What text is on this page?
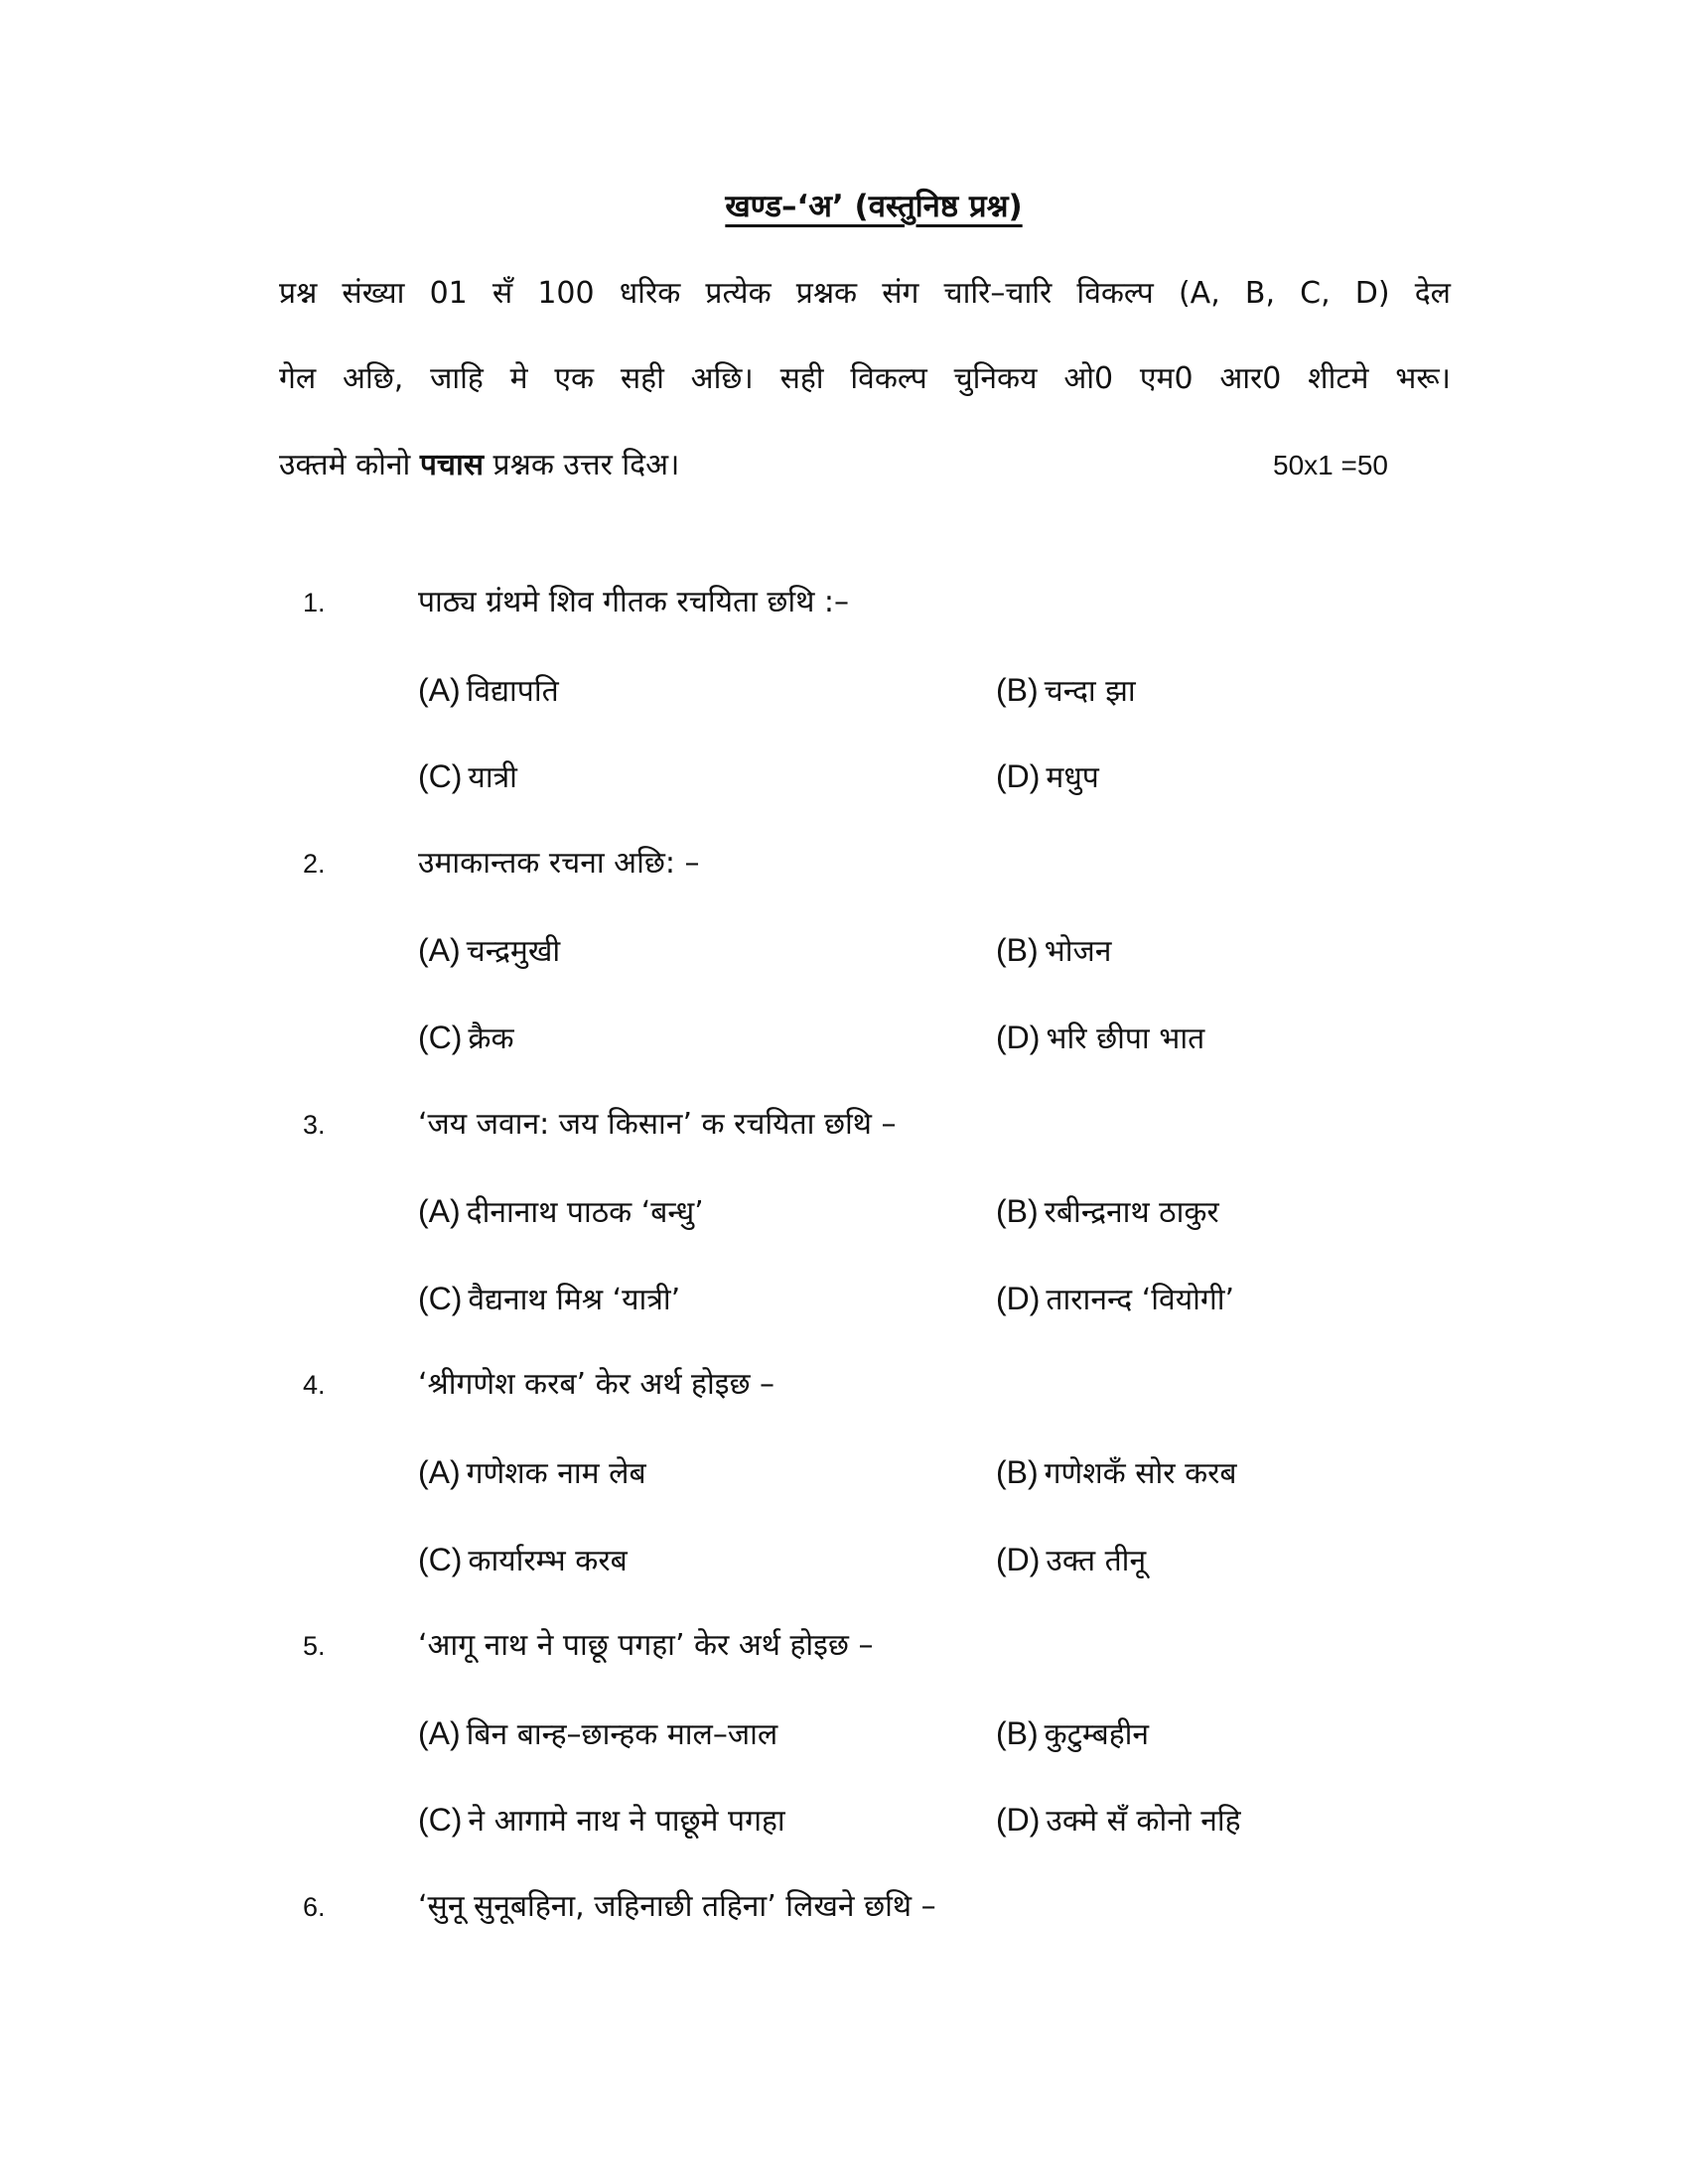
खण्ड–‘अ’ (वस्तुनिष्ठ प्रश्न)
प्रश्न संख्या 01 सँ 100 धरिक प्रत्येक प्रश्नक संग चारि–चारि विकल्प (A, B, C, D) देल
गेल अछि, जाहि मे एक सही अछि। सही विकल्प चुनिकय ओ0 एम0 आर0 शीटमे भरू।
उक्तमे कोनो पचास प्रश्नक उत्तर दिअ।	50x1 =50
1.	पाठ्य ग्रंथमे शिव गीतक रचयिता छथि :–
(A) विद्यापति	(B) चन्दा झा
(C) यात्री	(D) मधुप
2.	उमाकान्तक रचना अछि: –
(A) चन्द्रमुखी	(B) भोजन
(C) क्रैक	(D) भरि छीपा भात
3.	‘जय जवान: जय किसान’ क रचयिता छथि –
(A) दीनानाथ पाठक ‘बन्धु’	(B) रबीन्द्रनाथ ठाकुर
(C) वैद्यनाथ मिश्र ‘यात्री’	(D) तारानन्द ‘वियोगी’
4.	‘श्रीगणेश करब’ केर अर्थ होइछ –
(A) गणेशक नाम लेब	(B) गणेशकँ सोर करब
(C) कार्यारम्भ करब	(D) उक्त तीनू
5.	‘आगू नाथ ने पाछू पगहा’ केर अर्थ होइछ –
(A) बिन बान्ह–छान्हक माल–जाल	(B) कुटुम्बहीन
(C) ने आगामे नाथ ने पाछूमे पगहा	(D) उक्मे सँ कोनो नहि
6.	‘सुनू सुनूबहिना, जहिनाछी तहिना’ लिखने छथि –
